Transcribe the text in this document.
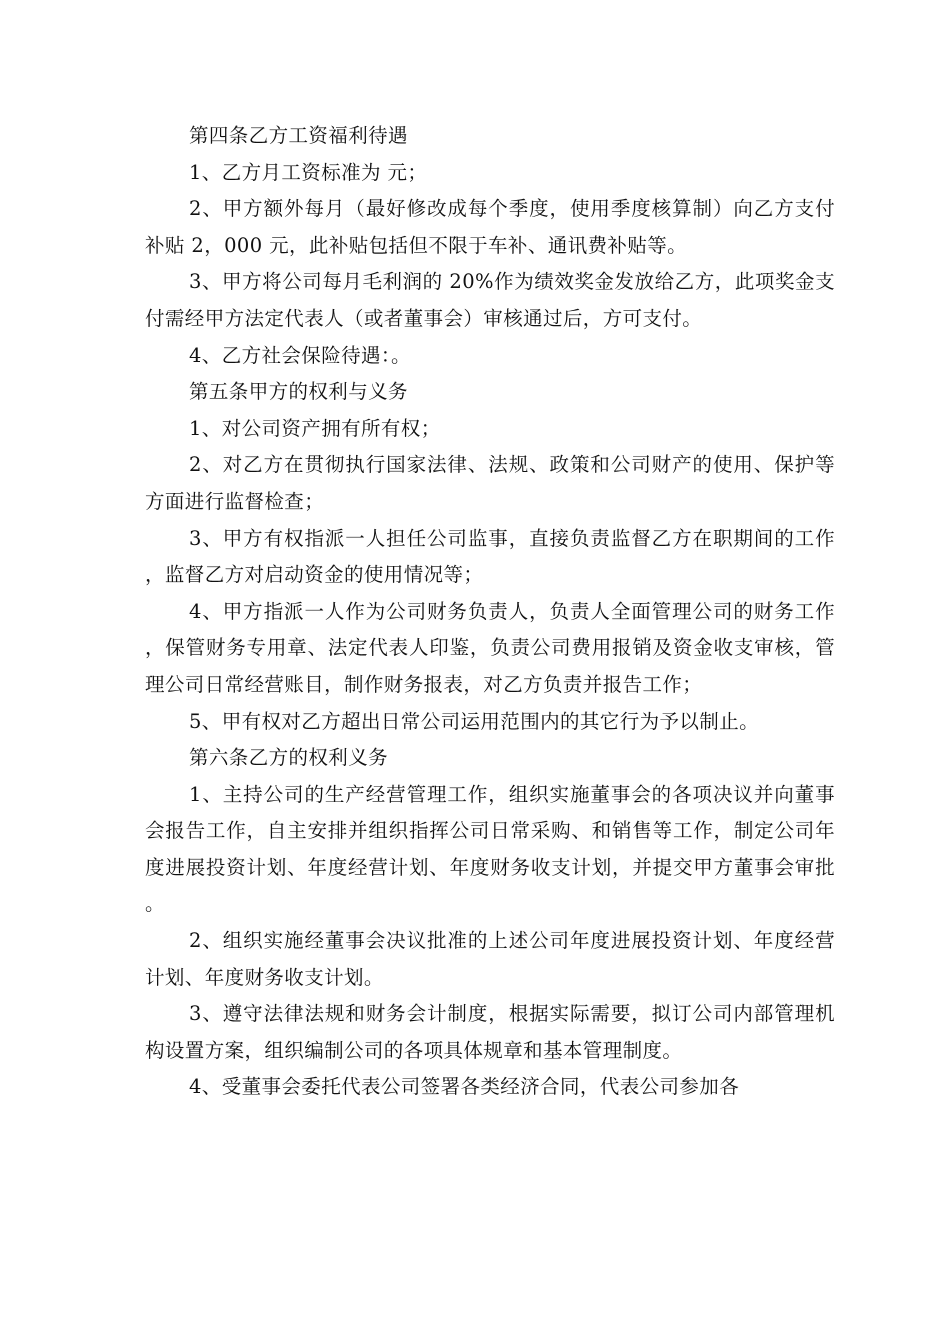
第四条乙方工资福利待遇

1、乙方月工资标准为 元；

2、甲方额外每月（最好修改成每个季度，使用季度核算制）向乙方支付补贴 2，000 元，此补贴包括但不限于车补、通讯费补贴等。

3、甲方将公司每月毛利润的 20%作为绩效奖金发放给乙方，此项奖金支付需经甲方法定代表人（或者董事会）审核通过后，方可支付。

4、乙方社会保险待遇：。

第五条甲方的权利与义务

1、对公司资产拥有所有权；

2、对乙方在贯彻执行国家法律、法规、政策和公司财产的使用、保护等方面进行监督检查；

3、甲方有权指派一人担任公司监事，直接负责监督乙方在职期间的工作，监督乙方对启动资金的使用情况等；

4、甲方指派一人作为公司财务负责人，负责人全面管理公司的财务工作，保管财务专用章、法定代表人印鉴，负责公司费用报销及资金收支审核，管理公司日常经营账目，制作财务报表，对乙方负责并报告工作；

5、甲有权对乙方超出日常公司运用范围内的其它行为予以制止。

第六条乙方的权利义务

1、主持公司的生产经营管理工作，组织实施董事会的各项决议并向董事会报告工作，自主安排并组织指挥公司日常采购、和销售等工作，制定公司年度进展投资计划、年度经营计划、年度财务收支计划，并提交甲方董事会审批。

2、组织实施经董事会决议批准的上述公司年度进展投资计划、年度经营计划、年度财务收支计划。

3、遵守法律法规和财务会计制度，根据实际需要，拟订公司内部管理机构设置方案，组织编制公司的各项具体规章和基本管理制度。

4、受董事会委托代表公司签署各类经济合同，代表公司参加各
